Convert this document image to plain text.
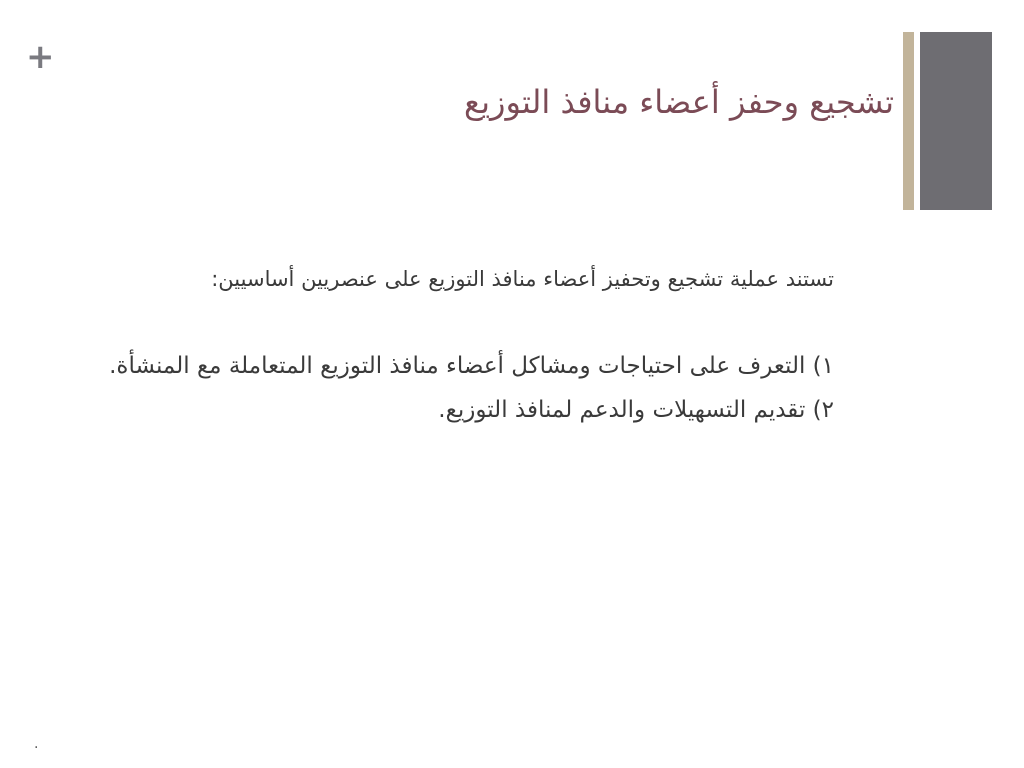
+
تشجيع وحفز أعضاء منافذ التوزيع

تستند عملية تشجيع وتحفيز أعضاء منافذ التوزيع على عنصريين أساسيين:

١) التعرف على احتياجات ومشاكل أعضاء منافذ التوزيع المتعاملة مع المنشأة.
٢) تقديم التسهيلات والدعم لمنافذ التوزيع.
.
